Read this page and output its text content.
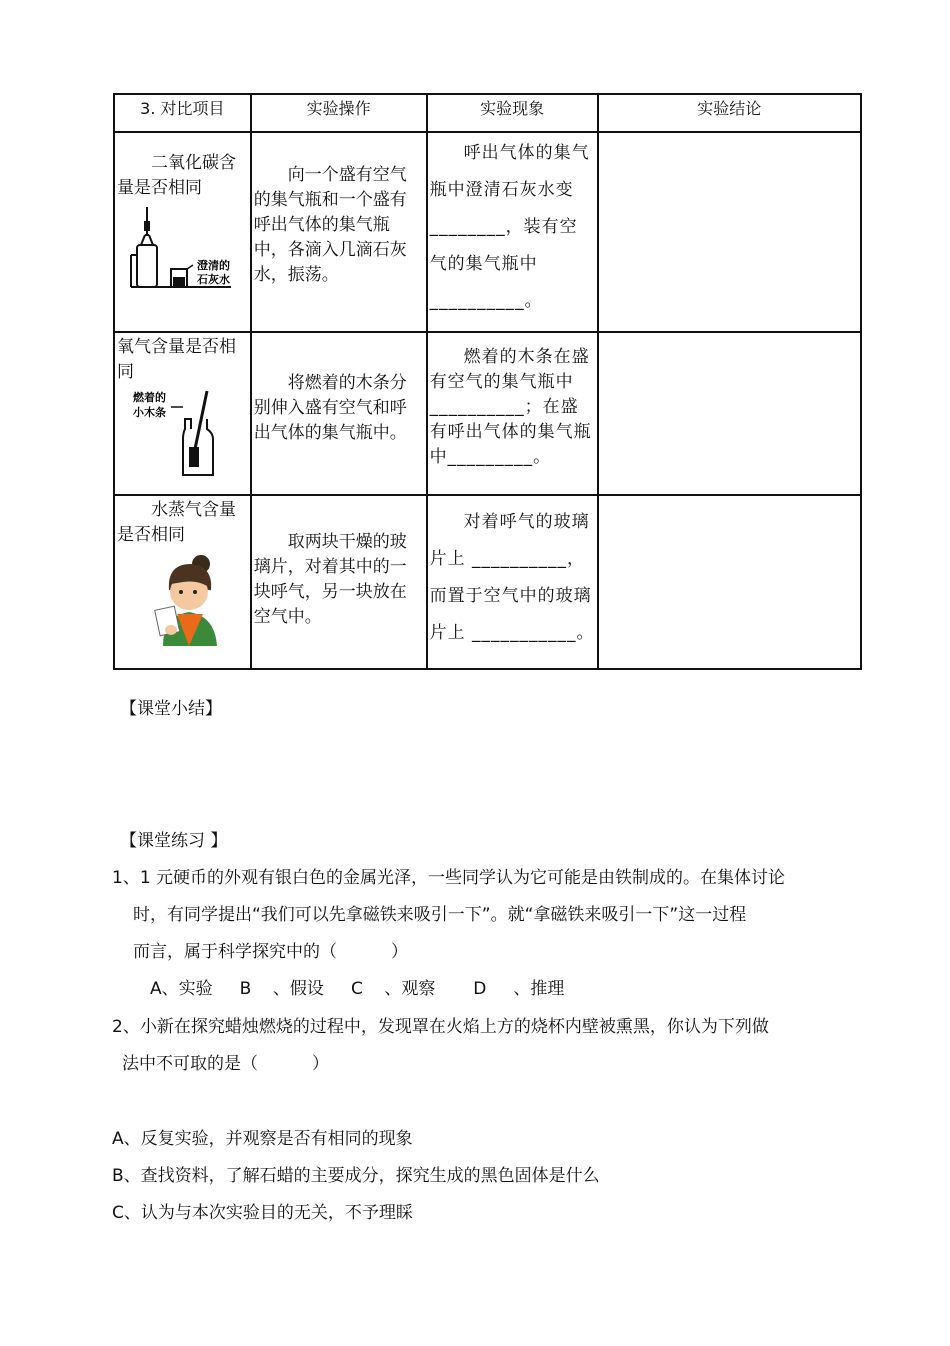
3. 对比项目	实验操作	实验现象	实验结论

二氧化碳含量是否相同
澄清的
石灰水	向一个盛有空气的集气瓶和一个盛有呼出气体的集气瓶中，各滴入几滴石灰水，振荡。	呼出气体的集气瓶中澄清石灰水变________，装有空气的集气瓶中__________。	

氧气含量是否相同
燃着的
小木条	将燃着的木条分别伸入盛有空气和呼出气体的集气瓶中。	燃着的木条在盛有空气的集气瓶中__________；在盛有呼出气体的集气瓶中_________。	

水蒸气含量是否相同	取两块干燥的玻璃片，对着其中的一块呼气，另一块放在空气中。	对着呼气的玻璃片上 __________，而置于空气中的玻璃片上 ___________。	

【课堂小结】
【课堂练习 】
1、1 元硬币的外观有银白色的金属光泽，一些同学认为它可能是由铁制成的。在集体讨论
时，有同学提出“我们可以先拿磁铁来吸引一下”。就“拿磁铁来吸引一下”这一过程
而言，属于科学探究中的（          ）
A、实验     B    、假设     C    、观察       D     、推理
2、小新在探究蜡烛燃烧的过程中，发现罩在火焰上方的烧杯内壁被熏黑，你认为下列做
法中不可取的是（          ）
A、反复实验，并观察是否有相同的现象
B、查找资料，了解石蜡的主要成分，探究生成的黑色固体是什么
C、认为与本次实验目的无关，不予理睬
